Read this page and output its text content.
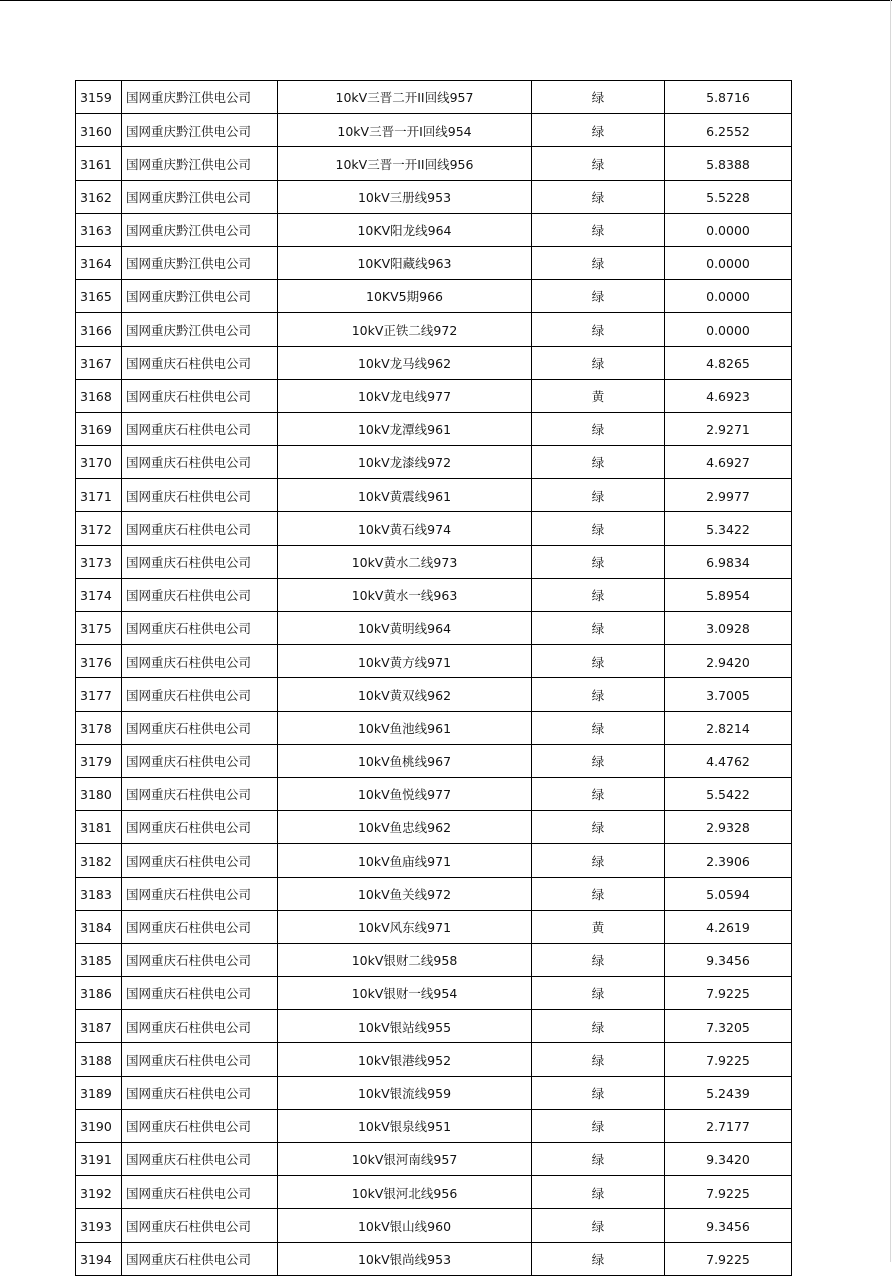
3159	国网重庆黔江供电公司	10kV三晋二开II回线957	绿	5.8716
3160	国网重庆黔江供电公司	10kV三晋一开I回线954	绿	6.2552
3161	国网重庆黔江供电公司	10kV三晋一开II回线956	绿	5.8388
3162	国网重庆黔江供电公司	10kV三册线953	绿	5.5228
3163	国网重庆黔江供电公司	10KV阳龙线964	绿	0.0000
3164	国网重庆黔江供电公司	10KV阳藏线963	绿	0.0000
3165	国网重庆黔江供电公司	10KV5期966	绿	0.0000
3166	国网重庆黔江供电公司	10kV正铁二线972	绿	0.0000
3167	国网重庆石柱供电公司	10kV龙马线962	绿	4.8265
3168	国网重庆石柱供电公司	10kV龙电线977	黄	4.6923
3169	国网重庆石柱供电公司	10kV龙潭线961	绿	2.9271
3170	国网重庆石柱供电公司	10kV龙漆线972	绿	4.6927
3171	国网重庆石柱供电公司	10kV黄震线961	绿	2.9977
3172	国网重庆石柱供电公司	10kV黄石线974	绿	5.3422
3173	国网重庆石柱供电公司	10kV黄水二线973	绿	6.9834
3174	国网重庆石柱供电公司	10kV黄水一线963	绿	5.8954
3175	国网重庆石柱供电公司	10kV黄明线964	绿	3.0928
3176	国网重庆石柱供电公司	10kV黄方线971	绿	2.9420
3177	国网重庆石柱供电公司	10kV黄双线962	绿	3.7005
3178	国网重庆石柱供电公司	10kV鱼池线961	绿	2.8214
3179	国网重庆石柱供电公司	10kV鱼桃线967	绿	4.4762
3180	国网重庆石柱供电公司	10kV鱼悦线977	绿	5.5422
3181	国网重庆石柱供电公司	10kV鱼忠线962	绿	2.9328
3182	国网重庆石柱供电公司	10kV鱼庙线971	绿	2.3906
3183	国网重庆石柱供电公司	10kV鱼关线972	绿	5.0594
3184	国网重庆石柱供电公司	10kV风东线971	黄	4.2619
3185	国网重庆石柱供电公司	10kV银财二线958	绿	9.3456
3186	国网重庆石柱供电公司	10kV银财一线954	绿	7.9225
3187	国网重庆石柱供电公司	10kV银站线955	绿	7.3205
3188	国网重庆石柱供电公司	10kV银港线952	绿	7.9225
3189	国网重庆石柱供电公司	10kV银流线959	绿	5.2439
3190	国网重庆石柱供电公司	10kV银泉线951	绿	2.7177
3191	国网重庆石柱供电公司	10kV银河南线957	绿	9.3420
3192	国网重庆石柱供电公司	10kV银河北线956	绿	7.9225
3193	国网重庆石柱供电公司	10kV银山线960	绿	9.3456
3194	国网重庆石柱供电公司	10kV银尚线953	绿	7.9225
